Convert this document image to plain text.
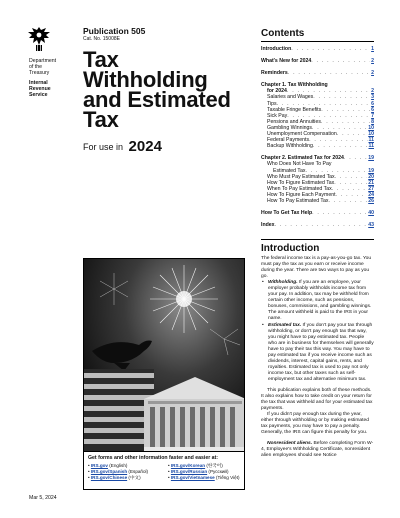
Department
of the
Treasury
Internal
Revenue
Service
Publication 505
Cat. No. 15008E
Tax
Withholding
and Estimated
Tax
For use in 2024
Get forms and other information faster and easier at:
• IRS.gov (English)
• IRS.gov/Spanish (Español)
• IRS.gov/Chinese (中文)
• IRS.gov/Korean (한국어)
• IRS.gov/Russian (Русский)
• IRS.gov/Vietnamese (Tiếng Việt)
Mar 5, 2024
Contents
Introduction . . .	1
What's New for 2024 . . .	2
Reminders . . .	2
Chapter 1. Tax Withholding
for 2024 . . .	2
Salaries and Wages . . .	3
Tips . . .	6
Taxable Fringe Benefits . . .	6
Sick Pay . . .	7
Pensions and Annuities . . .	8
Gambling Winnings . . .	10
Unemployment Compensation . . .	10
Federal Payments . . .	11
Backup Withholding . . .	11
Chapter 2. Estimated Tax for 2024 . . .	19
Who Does Not Have To Pay
Estimated Tax . . .	19
Who Must Pay Estimated Tax . . .	20
How To Figure Estimated Tax . . .	21
When To Pay Estimated Tax . . .	27
How To Figure Each Payment . . .	24
How To Pay Estimated Tax . . .	26
How To Get Tax Help . . .	40
Index . . .	43
Introduction

The federal income tax is a pay-as-you-go tax. You must pay the tax as you earn or receive income during the year. There are two ways to pay as you go.

• Withholding. If you are an employee, your employer probably withholds income tax from your pay. In addition, tax may be withheld from certain other income, such as pensions, bonuses, commissions, and gambling winnings. The amount withheld is paid to the IRS in your name.

• Estimated tax. If you don't pay your tax through withholding, or don't pay enough tax that way, you might have to pay estimated tax. People who are in business for themselves will generally have to pay their tax this way. You may have to pay estimated tax if you receive income such as dividends, interest, capital gains, rents, and royalties. Estimated tax is used to pay not only income tax, but other taxes such as self-employment tax and alternative minimum tax.

This publication explains both of these methods. It also explains how to take credit on your return for the tax that was withheld and for your estimated tax payments.

If you didn't pay enough tax during the year, either through withholding or by making estimated tax payments, you may have to pay a penalty. Generally, the IRS can figure this penalty for you.

Nonresident aliens. Before completing Form W-4, Employee's Withholding Certificate, nonresident alien employees should see Notice
